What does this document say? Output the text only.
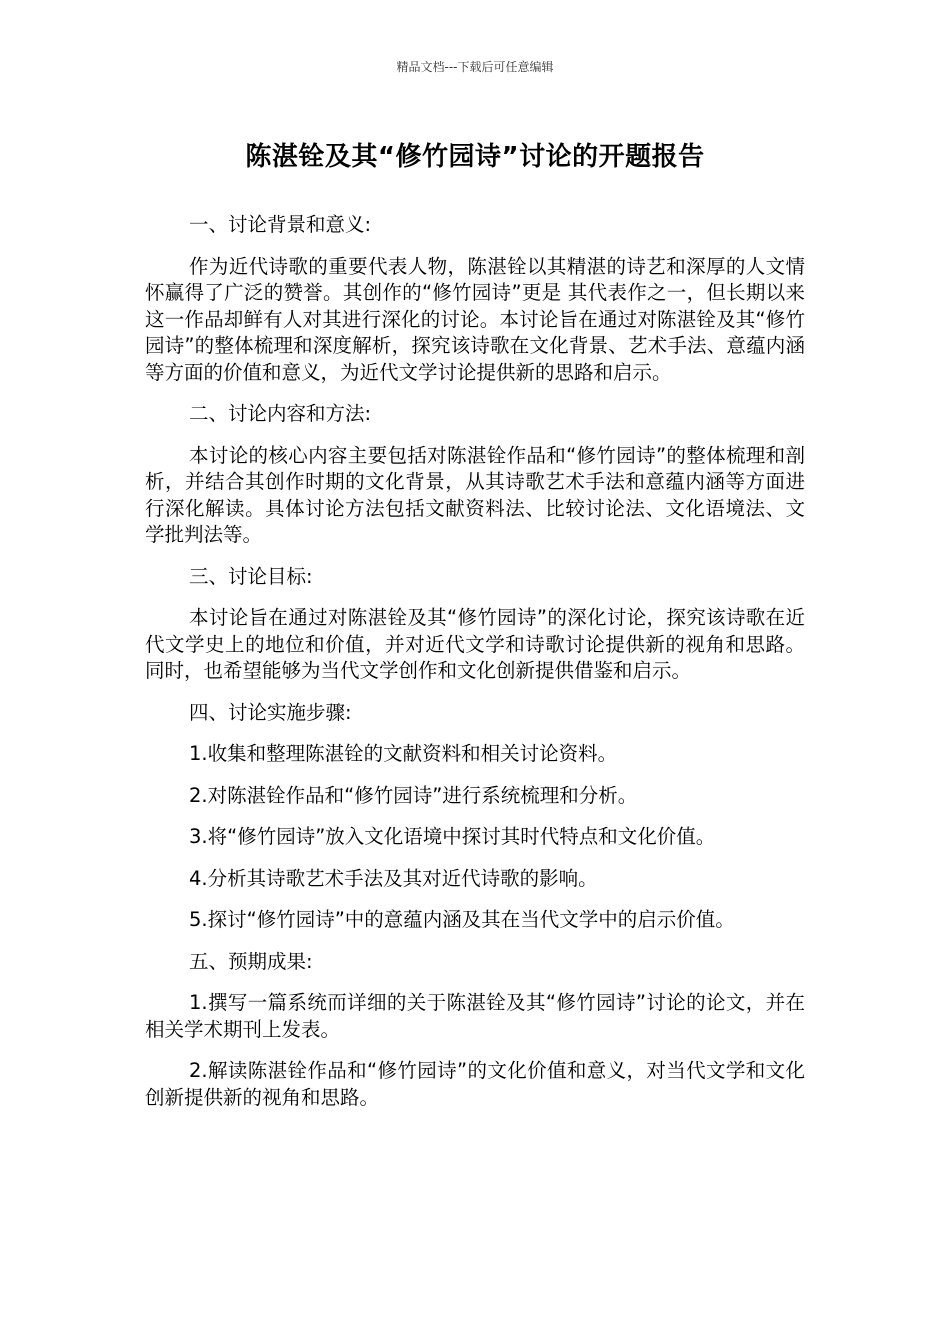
精品文档---下载后可任意编辑
陈湛铨及其“修竹园诗”讨论的开题报告

一、讨论背景和意义:

作为近代诗歌的重要代表人物，陈湛铨以其精湛的诗艺和深厚的人文情怀赢得了广泛的赞誉。其创作的“修竹园诗”更是 其代表作之一，但长期以来这一作品却鲜有人对其进行深化的讨论。本讨论旨在通过对陈湛铨及其“修竹园诗”的整体梳理和深度解析，探究该诗歌在文化背景、艺术手法、意蕴内涵等方面的价值和意义，为近代文学讨论提供新的思路和启示。

二、讨论内容和方法:

本讨论的核心内容主要包括对陈湛铨作品和“修竹园诗”的整体梳理和剖析，并结合其创作时期的文化背景，从其诗歌艺术手法和意蕴内涵等方面进行深化解读。具体讨论方法包括文献资料法、比较讨论法、文化语境法、文学批判法等。

三、讨论目标:

本讨论旨在通过对陈湛铨及其“修竹园诗”的深化讨论，探究该诗歌在近代文学史上的地位和价值，并对近代文学和诗歌讨论提供新的视角和思路。同时，也希望能够为当代文学创作和文化创新提供借鉴和启示。

四、讨论实施步骤:

1.收集和整理陈湛铨的文献资料和相关讨论资料。

2.对陈湛铨作品和“修竹园诗”进行系统梳理和分析。

3.将“修竹园诗”放入文化语境中探讨其时代特点和文化价值。

4.分析其诗歌艺术手法及其对近代诗歌的影响。

5.探讨“修竹园诗”中的意蕴内涵及其在当代文学中的启示价值。

五、预期成果:

1.撰写一篇系统而详细的关于陈湛铨及其“修竹园诗”讨论的论文，并在相关学术期刊上发表。

2.解读陈湛铨作品和“修竹园诗”的文化价值和意义，对当代文学和文化创新提供新的视角和思路。
